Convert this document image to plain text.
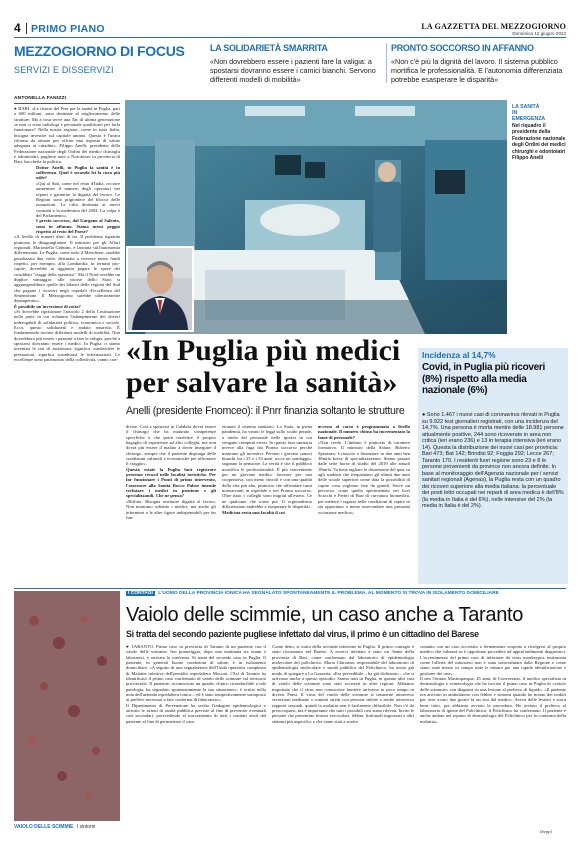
4 PRIMO PIANO	LA GAZZETTA DEL MEZZOGIORNO
Domenica 12 giugno 2022
MEZZOGIORNO DI FOCUS
SERVIZI E DISSERVIZI
LA SOLIDARIETÀ SMARRITA
«Non dovrebbero essere i pazienti fare la valigia: a spostarsi dovranno essere i camici bianchi. Servono differenti modelli di mobilità»
PRONTO SOCCORSO IN AFFANNO
«Non c'è più la dignità del lavoro. Il sistema pubblico mortifica le professionalità. E l'autonomia differenziata potrebbe esasperare le disparità»
LA SANITÀ
IN
EMERGENZA
Nel riquadro il presidente della Federazione nazionale degli Ordini dei medici chirurghi e odontoiatri Filippo Anelli
ANTONELLA FANIZZI

● BARI. «Le risorse del Pnrr per la sanità in Puglia, pari a 600 milioni, sono destinate al miglioramento delle strutture. Ma a cosa serve una Tac di ultima generazione se non ci sono radiologi e personale qualificato per farla funzionare? Nella nostra regione, come in tutta Italia, bisogna investire sul capitale umano. Questa è l'unica riforma da attuare per offrire una risposta di salute adeguata ai cittadini». Filippo Anelli, presidente della Federazione nazionale degli Ordini dei medici chirurghi e odontoiatri, pugliese noto a Noicattaro in provincia di Bari, bacchetta la politica.

Dottor Anelli, in Puglia la sanità è in sofferenza. Qual è secondo lei la cura più utile?

«Qui al Sud, come nel resto d'Italia, occorre aumentare il numero degli operatori nei reparti e garantire la dignità del lavoro. Le Regioni sono prigioniere del blocco delle assunzioni. La cifra destinata ai nuovi contratti e la medesima del 2004. La colpa è del Parlamento».

I presto soccorso, dal Gargano al Salento, sono in affanno. Siamo messi peggio rispetto al resto del Paese?

«A livello di numeri direi di no. Il problema riguarda piuttosto le disuguaglianze. Il ministro per gli Affari regionali, Mariastella Gelmini, è lanciata sull'autonomia differenziata. La Puglia, come tutto il Meridione, sarebbe penalizzata due volte: destinata a ricevere meno fondi rispetto, per esempio, alla Lombardia, in termini pro-capite, dovrebbe in aggiunta pagare le spese dei cosiddetti "viaggi della speranza". Ma il Nord avrebbe un duplice vantaggio: alle risorse dello Stato si aggiungerebbero quelle dei bilanci delle regioni del Sud che pagano i ricoveri negli ospedali d'eccellenza del Settentrione. Il Mezzogiorno sarebbe ulteriormente depauperato».

È possibile un'inversione di rotta?

«Si dovrebbe ripristinare l'articolo 2 della Costituzione nella parte in cui richiama l'adempimento dei doveri inderogabili di solidarietà politica, economica e sociale. Ecco, questo solidarietà e andata smarrita. È fondamentale trovare differenti modelli di mobilità. Non dovrebbero più essere i pazienti a fare la valigia, perché a spostarsi dovranno essere i medici. In Puglia ci siamo inventati le reti di assistenza: significa condividere le prestazioni, significa scambiarsi le informazioni. Le eccellenze sono patrimonio della collettività, vanno con- «In Puglia più medici
per salvare la sanità»
Anelli (presidente Fnomceo): il Pnrr finanzia soltanto le strutture

divise. Così a spostarsi in Calabria dovrà essere il chirurgo che ha maturato competenze specifiche e che potrà trasferire il proprio bagaglio di esperienze ad altri colleghi, ma non dovrà più essere il malato a dover inseguire il chirurgo, sempre che il paziente disponga delle condizioni culturali e economiche per affrontare il viaggio».

Questa estate la Puglia farà registrare presenze record nelle località turistiche. Per far funzionare i Punti di primo intervento, l'assessore alla Sanità Rocco Palese intende reclutare i medici in pensione e gli specializzandi. Che ne pensa?

«Rifiuto: Bisogna restituire dignità al lavoro. Non mancano soltanto i medici, ma anche gli infermieri e le altre figure indispensabili per far fun-

zionare il sistema sanitario. Lo Stato, in piena pandemia, ha varato le leggi sullo scudo penale, a tutela del personale nelle ipotesi in cui vengano compiuti errori. In questo fase sanitaria invece alla fuga dai Pronto soccorso perché mancano gli incentivi. Persino i giovani camici bianchi fra i 25 e i 35 anni, rocca un sondaggio, sognano la pensione. La verità è che il pubblico mortifica le professionalità. È più conveniente per un giovane medico lavorare per una cooperativa, con meno vincoli e con una qualità della vita più alta, piuttosto che affrontare turni massacranti in ospedale o nei Pronto soccorso. Oltre tutto, i colleghi sono migrati all'estero. Ce ne qualcuno che torna poi. Il regionalismo differenziato andrebbe a esasperare le disparità».

Medicina resta una facoltà il cui

accesso al corso è programmato a livello nazionale. Il numero chiuso ha incrementato la fame di personale?

«Non credo. L'imbuto è piuttosto di carattere formativo. Il ministro della Salute, Roberto Speranza, è riuscito a finanziare in due anni ben 30mila borse di specializzazione. Siamo passati dalle sette borse di studio del 2019 alle attuali 18mila. Va bene tagliare le disarmonie del quiz su agli studenti che frequentano gli ultimi due anni delle scuole superiori come data la possibilità di capire cosa vogliono fare da grandi. Serve un percorso, come quello sperimentato nei licei Scacchi e Fermi di Bari di curvatura biomedica, per mettere i ragazzi nelle condizioni di capire se sia opportuno o meno assecondare una presunta vocazione medica».

Incidenza al 14,7%
Covid, in Puglia più ricoveri (8%) rispetto alla media nazionale (6%)
● Sono 1.467 i nuovi casi di coronavirus rilevati in Puglia su 9.922 test giornalieri registrati, con una incidenza del 14,7%. Una persona è morta mentre delle 18.981 persone attualmente positive, 244 sono ricoverate in area non critica (ieri erano 236) e 13 in terapia intensiva (ieri erano 14). Questa la distribuzione dei nuovi casi per provincia: Bari 473; Bat 142; Brindisi 92; Foggia 292; Lecce 267; Taranto 170. I residenti fuori regione sono 23 e 8 le persone provenienti da province non ancora definite. In base al monitoraggio dell'Agenzia nazionale per i servizi sanitari regionali (Agenas), la Puglia resta con un quadro dei ricoveri superiore alla media italiana: la percentuale dei posti letto occupati nei reparti di area medica è dell'8% (la media in Italia è del 6%), nelle intensive del 2% (la media in Italia è del 2%).
I CONTAGI L'UOMO DELLA PROVINCIA IONICA HA SEGNALATO SPONTANEAMENTE IL PROBLEMA. AL MOMENTO SI TROVA IN ISOLAMENTO DOMICILIARE
Vaiolo delle scimmie, un caso anche a Taranto
Si tratta del secondo paziente pugliese infettato dal virus, il primo è un cittadino del Barese
VAIOLO DELLE SCIMMIE I sintomi
● TARANTO. Primo caso in provincia di Taranto di un paziente con il vaiolo delle scimmie. Ieri pomeriggio, dopo una mattinata tra esami e laboratori, è arrivata la conferma. Si tratta del secondo caso in Puglia. Il paziente, in generali buone condizioni di salute, è in isolamento domiciliare. «A seguito di una segnalazione dell'Unità operativa complessa di Malattie infettive dell'presidio ospedaliero Moscati, l'Asl di Taranto ha identificato il primo caso confermato di vaiolo delle scimmie sul territorio provinciale. Il paziente, riconosciuto un quadro clinico riconducibile a tale patologia, ha segnalato spontaneamente la sua situazione»: è scritto nella nota dell'azienda ospedaliera ionica – ed è stato tempestivamente sottoposto ai prelievi necessari a fare conferma di laboratorio».
Il Dipartimento di Prevenzione ha svolto l'indagine epidemiologica e attivato le azioni di sanità pubblica previste al fine di prevenire eventuali casi secondari, provvedendo al tracciamento di tutti i contatti avuti dal paziente al fine di perimetrare il caso.
Come detto, si tratta della seconda infezione in Puglia. Il primo contagio è stato riscontrato nel Barese. A esserci infettato è stato un 3enne della provincia di Bari, come confermato dal laboratorio di epidemiologia molecolare del policlinico. Maria Chironna, responsabile del laboratorio di epidemiologia molecolare e sanità pubblica del Policlinico, ha avuto già modo di spiegare a La Gazzetta: «Era prevedibile – ha già dichiarato – che si arrivasse anche a questo episodio. Siamo tutti in Puglia, in quanto altri casi di vaiolo delle scimmie sono stati accertati in altre regioni. Abbiamo impostato che il virus non conoscesse barriere arrivasse in poco tempo in diversi Paesi. Il virus del vaiolo delle scimmie si trasmette attraverso secrezioni mediante a contatti stretti con persone infette e anche attraverso rapporti sessuali, quindi la malattia non è facilmente diffusibile. Non c'è da preoccuparsi, ma è importante che tutti i possibili casi siano rilevati. Invito le persone che presentino lesioni vescicolari, febbre, linfonodi ingrossati e altri sintomi più aspecifici o che siano stati a stretto
contatto con un caso accertato a fermamente sospetto a rivolgersi al proprio medico che valuterà se è opportuno procedere ad approfondimenti diagnostici. L'accertamento del primo caso di infezione da virus monkeypox testimonia come l'allerta del ministero non è stata sottovalutata dalla Regione e come siano state messe in campo tutte le misure per una rapida identificazione e gestione dei casi».
Il neo Oronzo Mastropasqua, 45 anni, di Conversano, il medico specialista in dermatologia e venereologia che ha trovato il primo caso in Puglia di «vaiolo delle scimmie» con diagnosi su una lesione al prelievo di liquido. «Il paziente era arrivato in ambulatorio con febbre e sintomi quando ho notato dei noduli per aver avuto due giorni fa un test dal medico. Aveva delle lesioni e stava bene tutto, poi abbiamo avviato la procedura. Ho inviato il prelievo al laboratorio di igiene del Policlinico, il Policlinico ha confermato. Il paziente è anche andato nel reparto di dermatologia del Policlinico per la conferma della malattia».
(bepp)
